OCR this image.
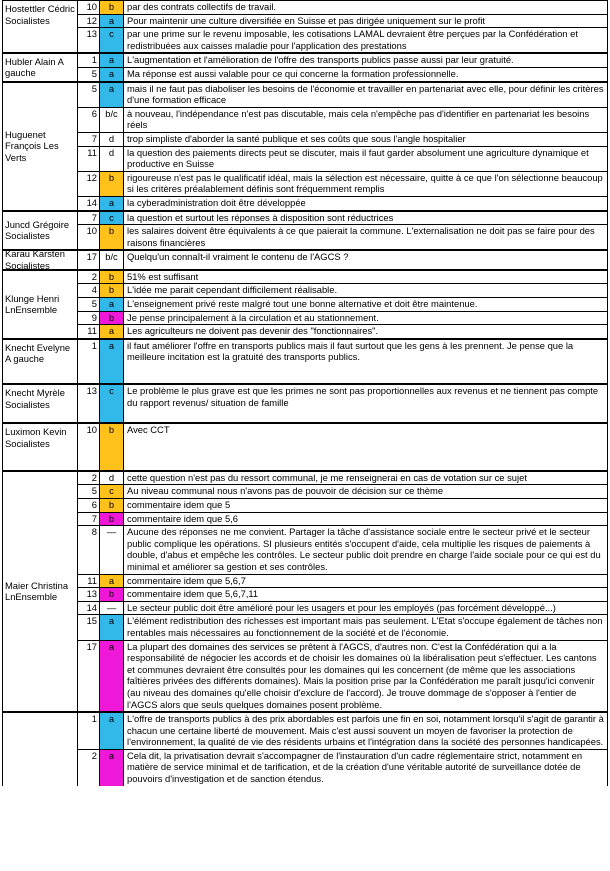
Hostettler Cédric Socialistes
10	b	par des contrats collectifs de travail.
12	a	Pour maintenir une culture diversifiée en Suisse et pas dirigée uniquement sur le profit
13	c	par une prime sur le revenu imposable, les cotisations LAMAL devraient être perçues par la Confédération et redistribuées aux caisses maladie pour l'application des prestations
Hubler Alain A gauche
1	a	L'augmentation et l'amélioration de l'offre des transports publics passe aussi par leur gratuité.
5	a	Ma réponse est aussi valable pour ce qui concerne la formation professionnelle.
Huguenet François Les Verts
5	a	mais il ne faut pas diaboliser les besoins de l'économie et travailler en partenariat avec elle, pour définir les critères d'une formation efficace
6 b/c à nouveau, l'indépendance n'est pas discutable, mais cela n'empêche pas d'identifier en partenariat les besoins réels
7	d	trop simpliste d'aborder la santé publique et ses coûts que sous l'angle hospitalier
11	d	la question des paiements directs peut se discuter, mais il faut garder absolument une agriculture dynamique et productive en Suisse
12	b	rigoureuse n'est pas le qualificatif idéal, mais la sélection est nécessaire, quitte à ce que l'on sélectionne beaucoup si les critères préalablement définis sont fréquemment remplis
14	a	la cyberadministration doit être développée
Juncd Grégoire Socialistes
7	c	la question et surtout les réponses à disposition sont réductrices
10	b	les salaires doivent être équivalents à ce que paierait la commune. L'externalisation ne doit pas se faire pour des raisons financières
Karau Karsten Socialistes
17 b/c Quelqu'un connaît-il vraiment le contenu de l'AGCS ?
Klunge Henri LnEnsemble
2	b	51% est suffisant
4	b	L'idée me parait cependant difficilement réalisable.
5	a	L'enseignement privé reste malgré tout une bonne alternative et doit être maintenue.
9	b	Je pense principalement à la circulation et au stationnement.
11	a	Les agriculteurs ne doivent pas devenir des "fonctionnaires".
Knecht Evelyne A gauche
1	a	il faut améliorer l'offre en transports publics mais il faut surtout que les gens à les prennent. Je pense que la meilleure incitation est la gratuité des transports publics.
Knecht Myrèle Socialistes
13	c	Le problème le plus grave est que les primes ne sont pas proportionnelles aux revenus et ne tiennent pas compte du rapport revenus/ situation de famille
Luximon Kevin Socialistes
10	b	Avec CCT
Maier Christina LnEnsemble
2	d	cette question n'est pas du ressort communal, je me renseignerai en cas de votation sur ce sujet
5	c	Au niveau communal nous n'avons pas de pouvoir de décision sur ce thème
6	b	commentaire idem que 5
7	b	commentaire idem que 5,6
8	—	Aucune des réponses ne me convient. Partager la tâche d'assistance sociale entre le secteur privé et le secteur public complique les opérations. SI plusieurs entités s'occupent d'aide, cela multiplie les risques de paiements à double, d'abus et empêche les contrôles. Le secteur public doit prendre en charge l'aide sociale pour ce qui est du minimal et améliorer sa gestion et ses contrôles.
11	a	commentaire idem que 5,6,7
13	b	commentaire idem que 5,6,7,11
14	—	Le secteur public doit être amélioré pour les usagers et pour les employés (pas forcément développé...)
15	a	L'élément redistribution des richesses est important mais pas seulement. L'Etat s'occupe également de tâches non rentables mais nécessaires au fonctionnement de la société et de l'économie.
17	a	La plupart des domaines des services se prêtent à l'AGCS, d'autres non. C'est la Confédération qui a la responsabilité de négocier les accords et de choisir les domaines où la libéralisation peut s'effectuer. Les cantons et communes devraient être consultés pour les domaines qui les concernent (de même que les associations faîtières privées des différents domaines). Mais la position prise par la Confédération me paraît jusqu'ici convenir (au niveau des domaines qu'elle choisir d'exclure de l'accord). Je trouve dommage de s'opposer à l'entier de l'AGCS alors que seuls quelques domaines posent problème.
1	a	L'offre de transports publics à des prix abordables est parfois une fin en soi, notamment lorsqu'il s'agit de garantir à chacun une certaine liberté de mouvement. Mais c'est aussi souvent un moyen de favoriser la protection de l'environnement, la qualité de vie des résidents urbains et l'intégration dans la société des personnes handicapées.
2	a	Cela dit, la privatisation devrait s'accompagner de l'instauration d'un cadre réglementaire strict, notamment en matière de service minimal et de tarification, et de la création d'une véritable autorité de surveillance dotée de pouvoirs d'investigation et de sanction étendus.
